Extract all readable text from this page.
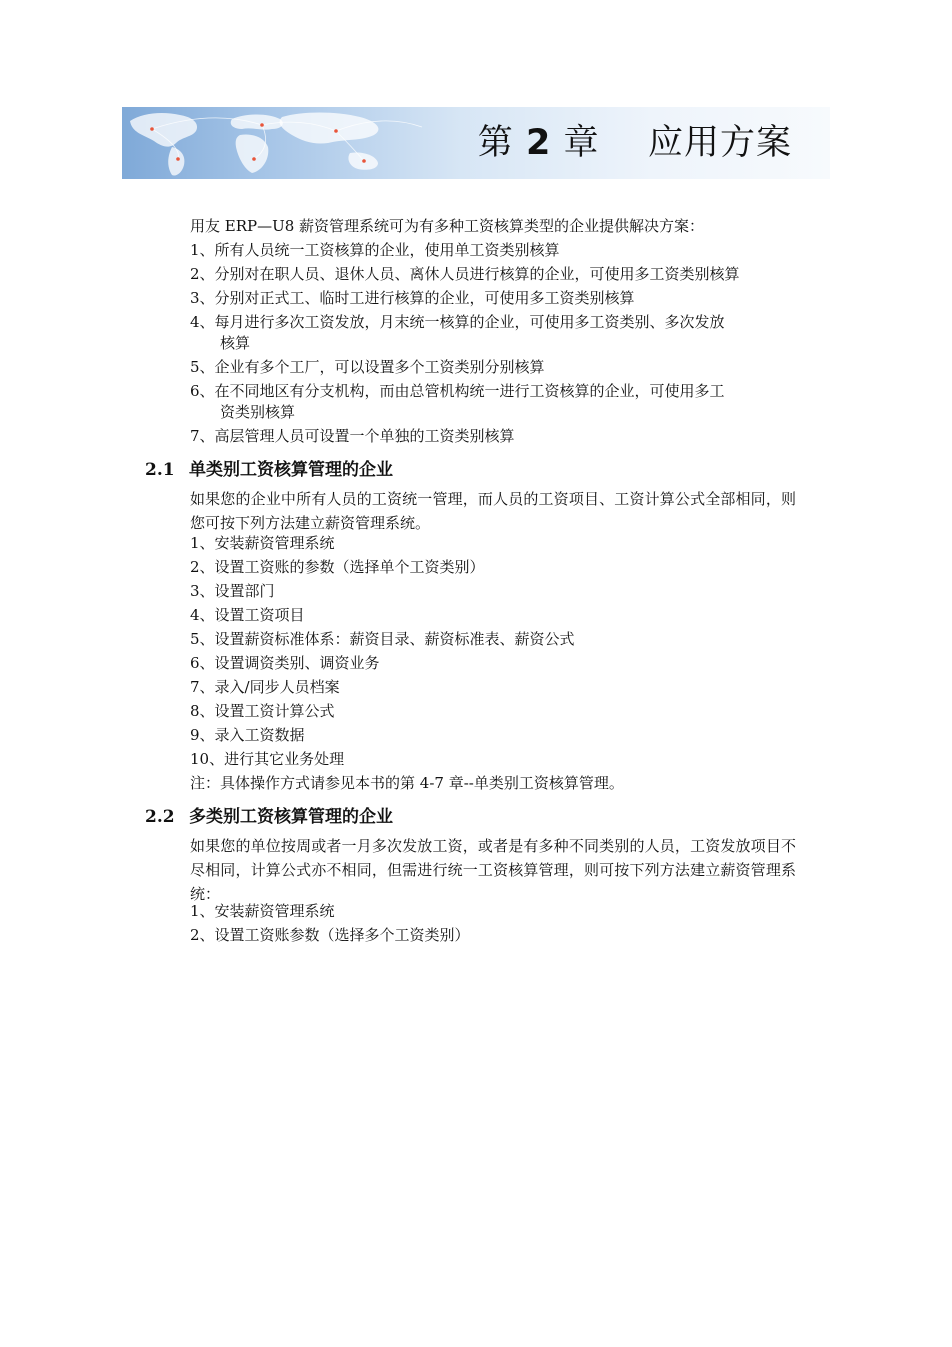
第 2 章 应用方案
用友 ERP—U8 薪资管理系统可为有多种工资核算类型的企业提供解决方案：
1、所有人员统一工资核算的企业，使用单工资类别核算
2、分别对在职人员、退休人员、离休人员进行核算的企业，可使用多工资类别核算
3、分别对正式工、临时工进行核算的企业，可使用多工资类别核算
4、每月进行多次工资发放，月末统一核算的企业，可使用多工资类别、多次发放
核算
5、企业有多个工厂，可以设置多个工资类别分别核算
6、在不同地区有分支机构，而由总管机构统一进行工资核算的企业，可使用多工
资类别核算
7、高层管理人员可设置一个单独的工资类别核算
2.1 单类别工资核算管理的企业
如果您的企业中所有人员的工资统一管理，而人员的工资项目、工资计算公式全部相同，则您可按下列方法建立薪资管理系统。
1、安装薪资管理系统
2、设置工资账的参数（选择单个工资类别）
3、设置部门
4、设置工资项目
5、设置薪资标准体系：薪资目录、薪资标准表、薪资公式
6、设置调资类别、调资业务
7、录入/同步人员档案
8、设置工资计算公式
9、录入工资数据
10、进行其它业务处理
注：具体操作方式请参见本书的第 4-7 章--单类别工资核算管理。
2.2 多类别工资核算管理的企业
如果您的单位按周或者一月多次发放工资，或者是有多种不同类别的人员，工资发放项目不尽相同，计算公式亦不相同，但需进行统一工资核算管理，则可按下列方法建立薪资管理系统：
1、安装薪资管理系统
2、设置工资账参数（选择多个工资类别）
